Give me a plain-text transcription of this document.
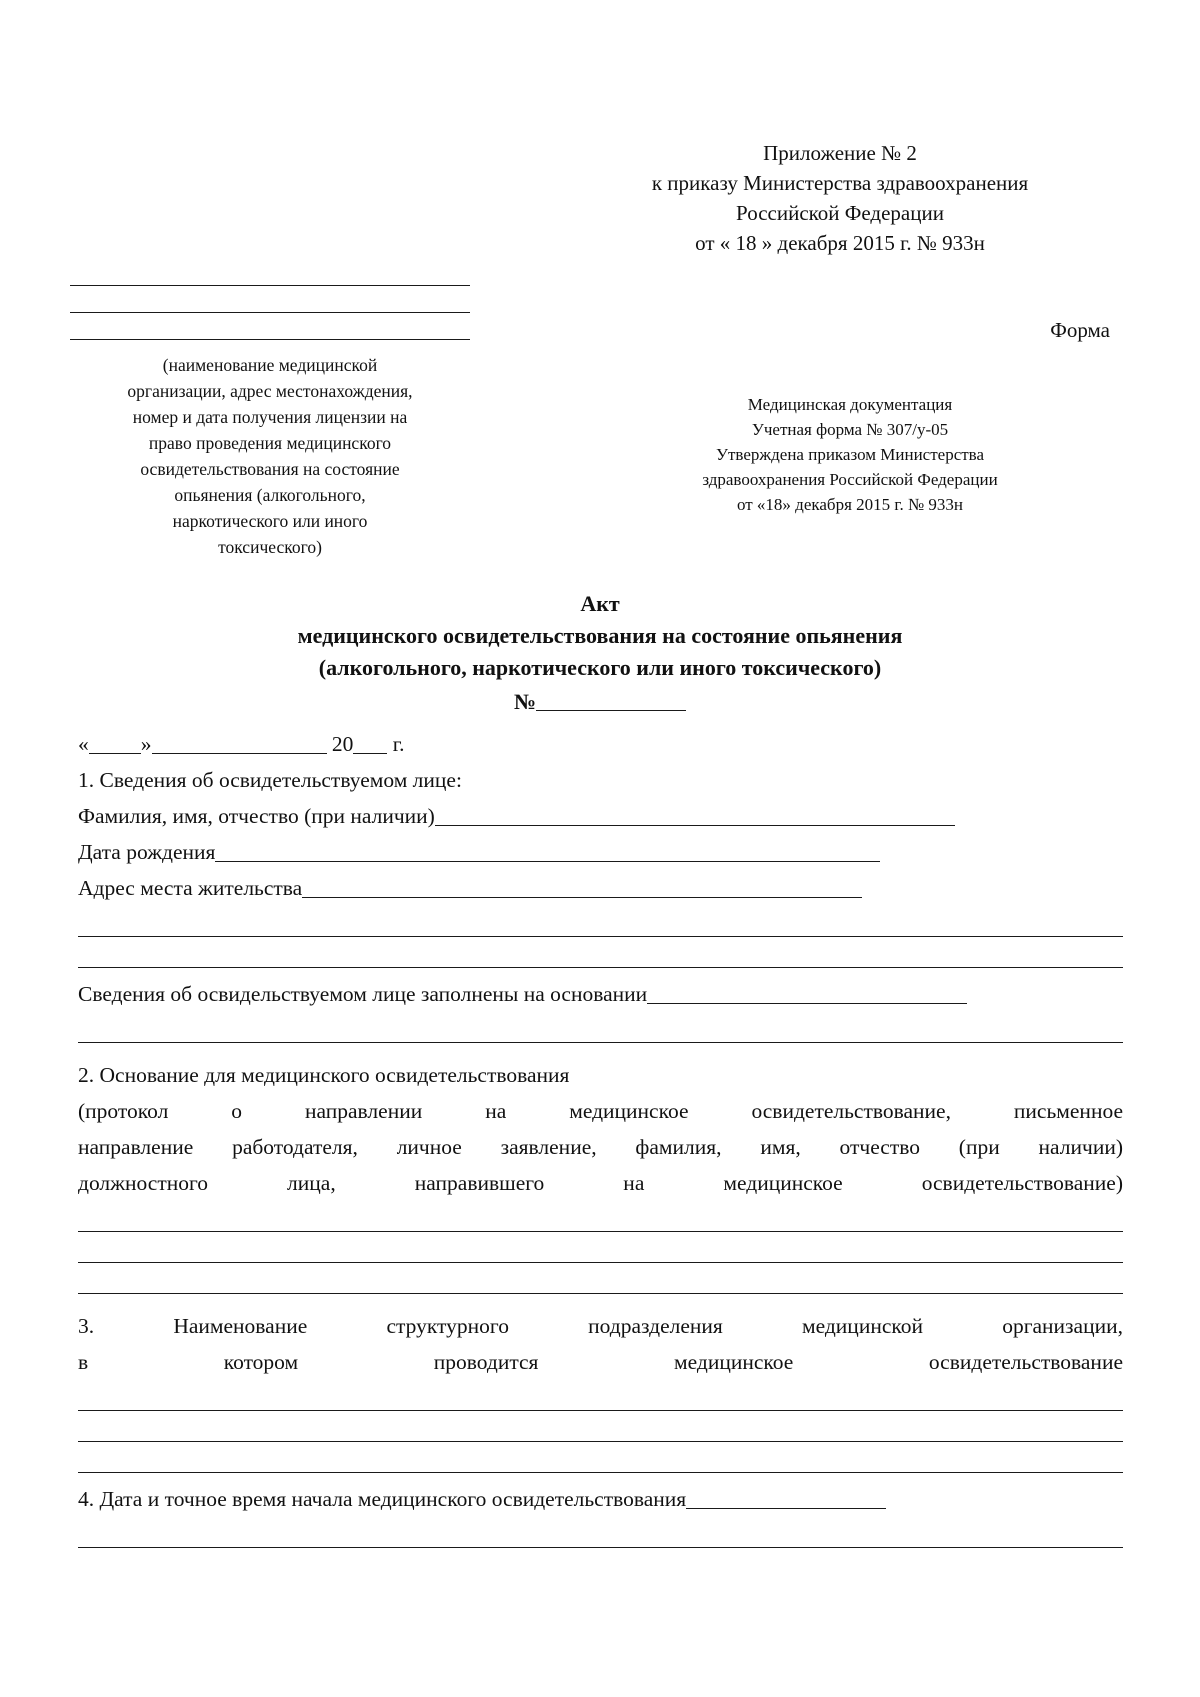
Приложение № 2
к приказу Министерства здравоохранения
Российской Федерации
от « 18 » декабря 2015 г. № 933н
Форма
(наименование медицинской
организации, адрес местонахождения,
номер и дата получения лицензии на
право проведения медицинского
освидетельствования на состояние
опьянения (алкогольного,
наркотического или иного
токсического)
Медицинская документация
Учетная форма № 307/у-05
Утверждена приказом Министерства
здравоохранения Российской Федерации
от «18» декабря 2015 г. № 933н
Акт
медицинского освидетельствования на состояние опьянения
(алкогольного, наркотического или иного токсического)
№
« »	20 г.
1. Сведения об освидетельствуемом лице:
Фамилия, имя, отчество (при наличии)
Дата рождения
Адрес места жительства
Сведения об освидельствуемом лице заполнены на основании
2. Основание для медицинского освидетельствования
(протокол о направлении на медицинское освидетельствование, письменное
направление работодателя, личное заявление, фамилия, имя, отчество (при наличии)
должностного лица, направившего на медицинское освидетельствование)
3. Наименование структурного подразделения медицинской организации,
в котором проводится медицинское освидетельствование
4. Дата и точное время начала медицинского освидетельствования
